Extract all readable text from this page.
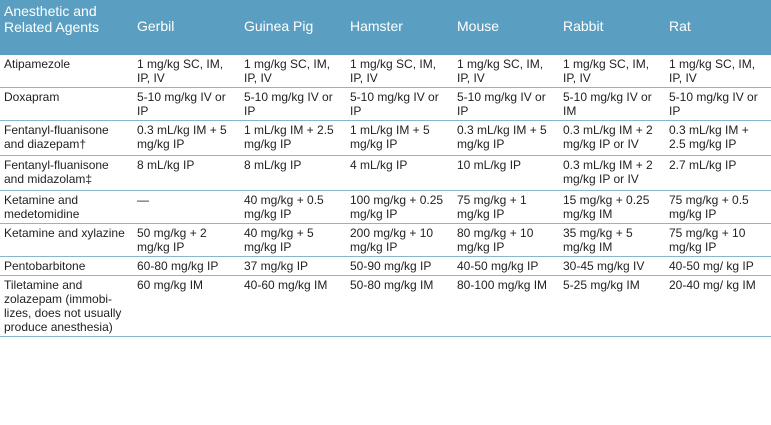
Anesthetic and Related Agents	Gerbil	Guinea Pig	Hamster	Mouse	Rabbit	Rat
Atipamezole	1 mg/kg SC, IM, IP, IV	1 mg/kg SC, IM, IP, IV	1 mg/kg SC, IM, IP, IV	1 mg/kg SC, IM, IP, IV	1 mg/kg SC, IM, IP, IV	1 mg/kg SC, IM, IP, IV
Doxapram	5-10 mg/kg IV or IP	5-10 mg/kg IV or IP	5-10 mg/kg IV or IP	5-10 mg/kg IV or IP	5-10 mg/kg IV or IM	5-10 mg/kg IV or IP
Fentanyl-fluanisone and diazepam†	0.3 mL/kg IM + 5 mg/kg IP	1 mL/kg IM + 2.5 mg/kg IP	1 mL/kg IM + 5 mg/kg IP	0.3 mL/kg IM + 5 mg/kg IP	0.3 mL/kg IM + 2 mg/kg IP or IV	0.3 mL/kg IM + 2.5 mg/kg IP
Fentanyl-fluanisone and midazolam‡	8 mL/kg IP	8 mL/kg IP	4 mL/kg IP	10 mL/kg IP	0.3 mL/kg IM + 2 mg/kg IP or IV	2.7 mL/kg IP
Ketamine and medetomidine	—	40 mg/kg + 0.5 mg/kg IP	100 mg/kg + 0.25 mg/kg IP	75 mg/kg + 1 mg/kg IP	15 mg/kg + 0.25 mg/kg IM	75 mg/kg + 0.5 mg/kg IP
Ketamine and xylazine	50 mg/kg + 2 mg/kg IP	40 mg/kg + 5 mg/kg IP	200 mg/kg + 10 mg/kg IP	80 mg/kg + 10 mg/kg IP	35 mg/kg + 5 mg/kg IM	75 mg/kg + 10 mg/kg IP
Pentobarbitone	60-80 mg/kg IP	37 mg/kg IP	50-90 mg/kg IP	40-50 mg/kg IP	30-45 mg/kg IV	40-50 mg/ kg IP
Tiletamine and zolazepam (immobi-lizes, does not usually produce anesthesia)	60 mg/kg IM	40-60 mg/kg IM	50-80 mg/kg IM	80-100 mg/kg IM	5-25 mg/kg IM	20-40 mg/ kg IM
